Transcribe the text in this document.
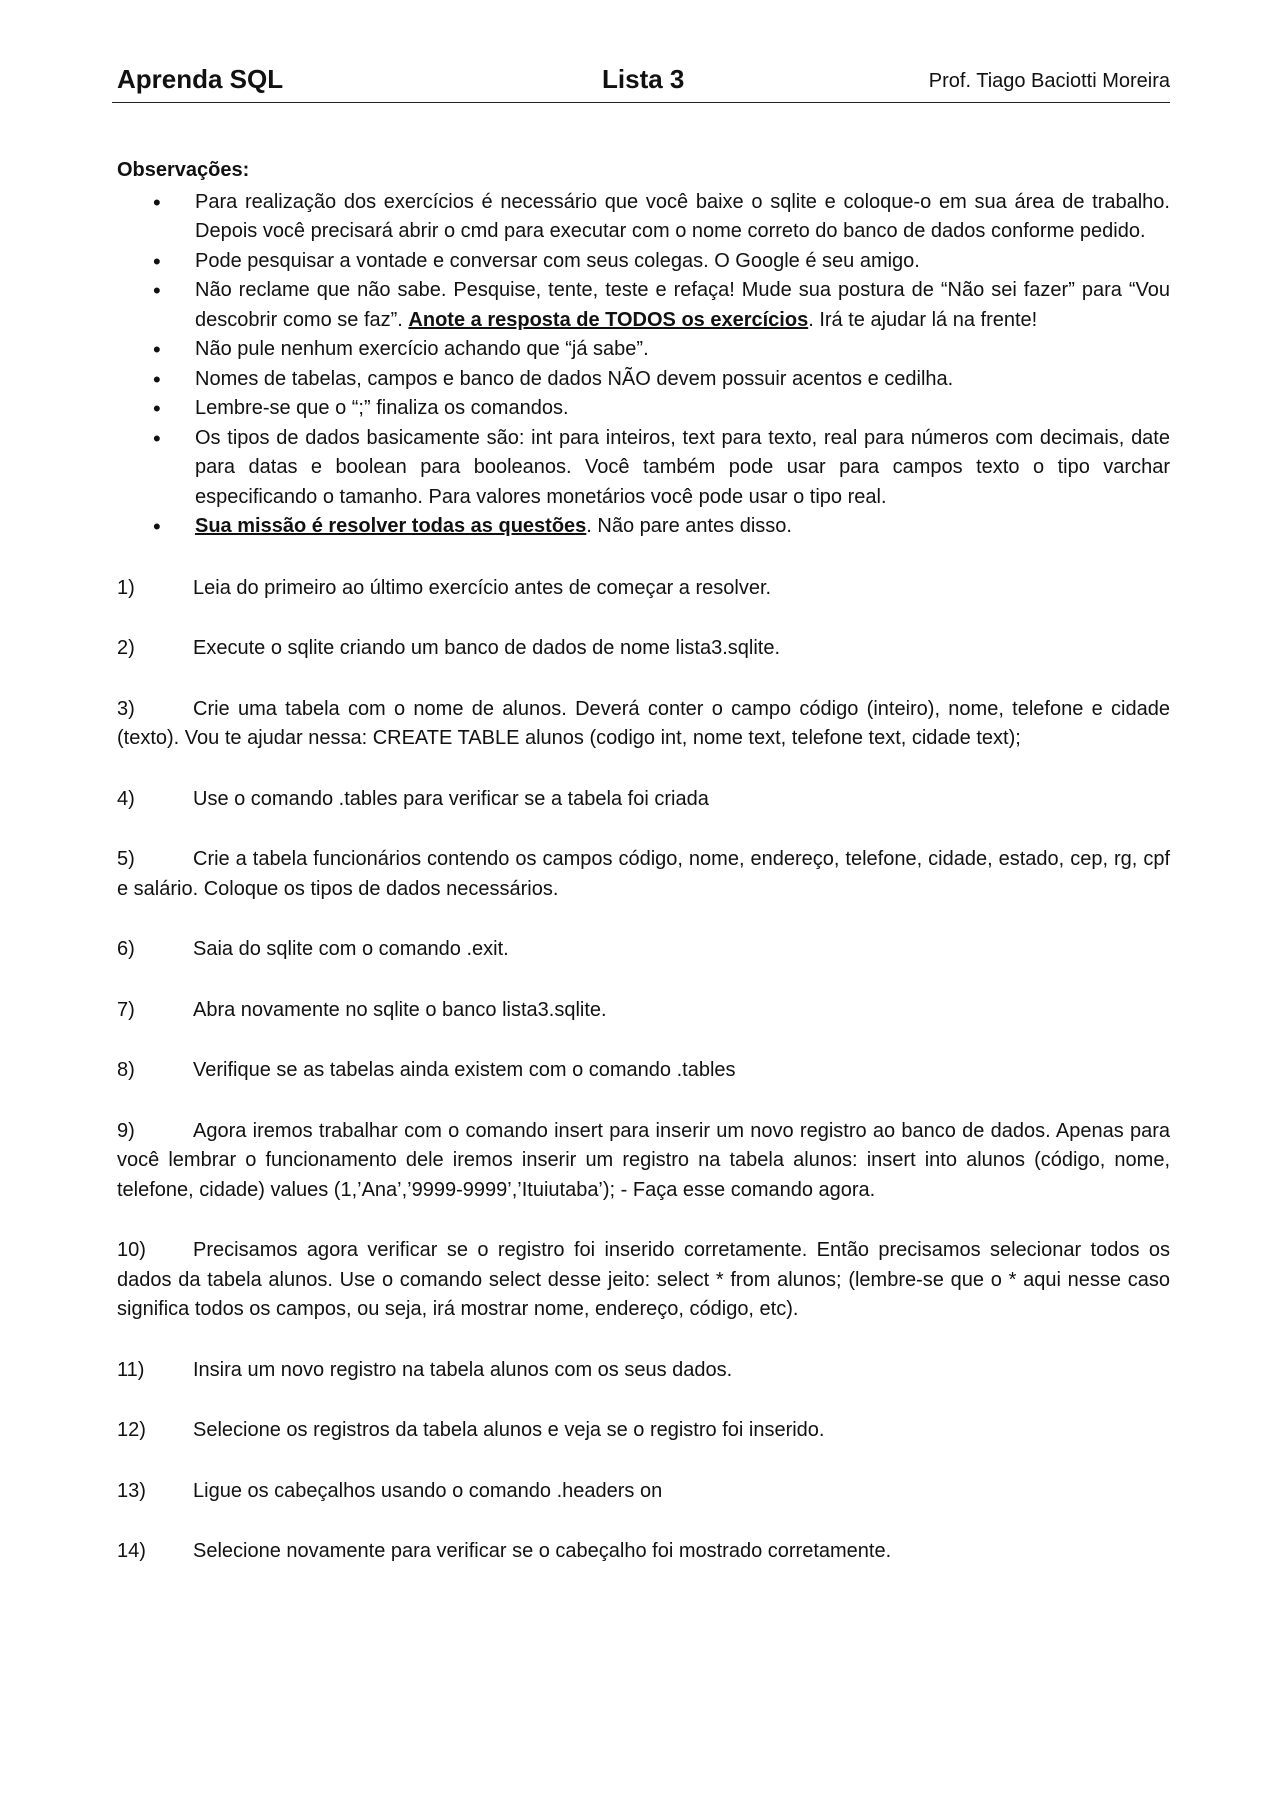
Aprenda SQL	Lista 3	Prof. Tiago Baciotti Moreira
Observações:
• Para realização dos exercícios é necessário que você baixe o sqlite e coloque-o em sua área de trabalho. Depois você precisará abrir o cmd para executar com o nome correto do banco de dados conforme pedido.
• Pode pesquisar a vontade e conversar com seus colegas. O Google é seu amigo.
• Não reclame que não sabe. Pesquise, tente, teste e refaça! Mude sua postura de “Não sei fazer” para “Vou descobrir como se faz”. Anote a resposta de TODOS os exercícios. Irá te ajudar lá na frente!
• Não pule nenhum exercício achando que “já sabe”.
• Nomes de tabelas, campos e banco de dados NÃO devem possuir acentos e cedilha.
• Lembre-se que o “;” finaliza os comandos.
• Os tipos de dados basicamente são: int para inteiros, text para texto, real para números com decimais, date para datas e boolean para booleanos. Você também pode usar para campos texto o tipo varchar especificando o tamanho. Para valores monetários você pode usar o tipo real.
• Sua missão é resolver todas as questões. Não pare antes disso.
1)	Leia do primeiro ao último exercício antes de começar a resolver.
2)	Execute o sqlite criando um banco de dados de nome lista3.sqlite.
3)	Crie uma tabela com o nome de alunos. Deverá conter o campo código (inteiro), nome, telefone e cidade (texto). Vou te ajudar nessa: CREATE TABLE alunos (codigo int, nome text, telefone text, cidade text);
4)	Use o comando .tables para verificar se a tabela foi criada
5)	Crie a tabela funcionários contendo os campos código, nome, endereço, telefone, cidade, estado, cep, rg, cpf e salário. Coloque os tipos de dados necessários.
6)	Saia do sqlite com o comando .exit.
7)	Abra novamente no sqlite o banco lista3.sqlite.
8)	Verifique se as tabelas ainda existem com o comando .tables
9)	Agora iremos trabalhar com o comando insert para inserir um novo registro ao banco de dados. Apenas para você lembrar o funcionamento dele iremos inserir um registro na tabela alunos: insert into alunos (código, nome, telefone, cidade) values (1,’Ana’,’9999-9999’,’Ituiutaba’); - Faça esse comando agora.
10) Precisamos agora verificar se o registro foi inserido corretamente. Então precisamos selecionar todos os dados da tabela alunos. Use o comando select desse jeito: select * from alunos; (lembre-se que o * aqui nesse caso significa todos os campos, ou seja, irá mostrar nome, endereço, código, etc).
11) Insira um novo registro na tabela alunos com os seus dados.
12) Selecione os registros da tabela alunos e veja se o registro foi inserido.
13) Ligue os cabeçalhos usando o comando .headers on
14) Selecione novamente para verificar se o cabeçalho foi mostrado corretamente.
